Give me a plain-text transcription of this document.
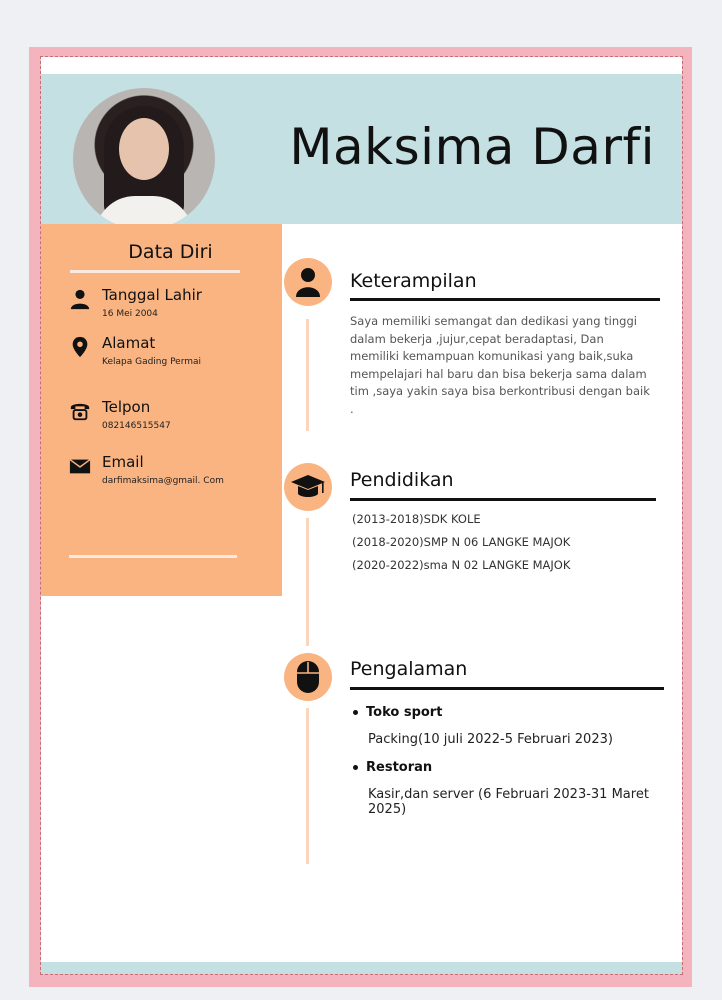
Maksima Darfi
Data Diri
Tanggal Lahir
16 Mei 2004
Alamat
Kelapa Gading Permai
Telpon
082146515547
Email
darfimaksima@gmail. Com
Keterampilan
Saya memiliki semangat dan dedikasi yang tinggi dalam bekerja ,jujur,cepat beradaptasi, Dan memiliki kemampuan komunikasi yang baik,suka mempelajari hal baru dan bisa bekerja sama dalam tim ,saya yakin saya bisa berkontribusi dengan baik .
Pendidikan
(2013-2018)SDK KOLE
(2018-2020)SMP N 06 LANGKE MAJOK
(2020-2022)sma N 02 LANGKE MAJOK
Pengalaman
Toko sport
Packing(10 juli 2022-5 Februari 2023)
Restoran
Kasir,dan server (6 Februari 2023-31 Maret 2025)
